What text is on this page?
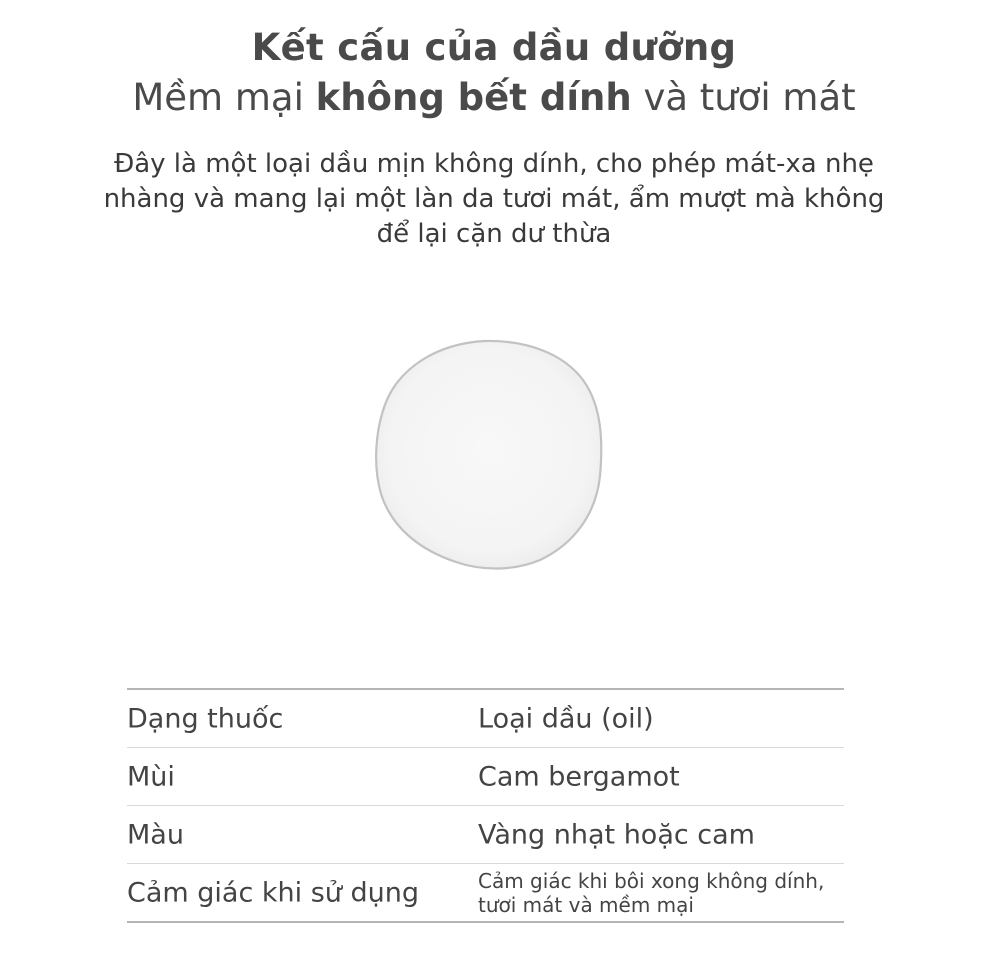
Kết cấu của dầu dưỡng
Mềm mại không bết dính và tươi mát
Đây là một loại dầu mịn không dính, cho phép mát-xa nhẹ
nhàng và mang lại một làn da tươi mát, ẩm mượt mà không
để lại cặn dư thừa
Dạng thuốc	Loại dầu (oil)
Mùi	Cam bergamot
Màu	Vàng nhạt hoặc cam
Cảm giác khi sử dụng	Cảm giác khi bôi xong không dính,
tươi mát và mềm mại
